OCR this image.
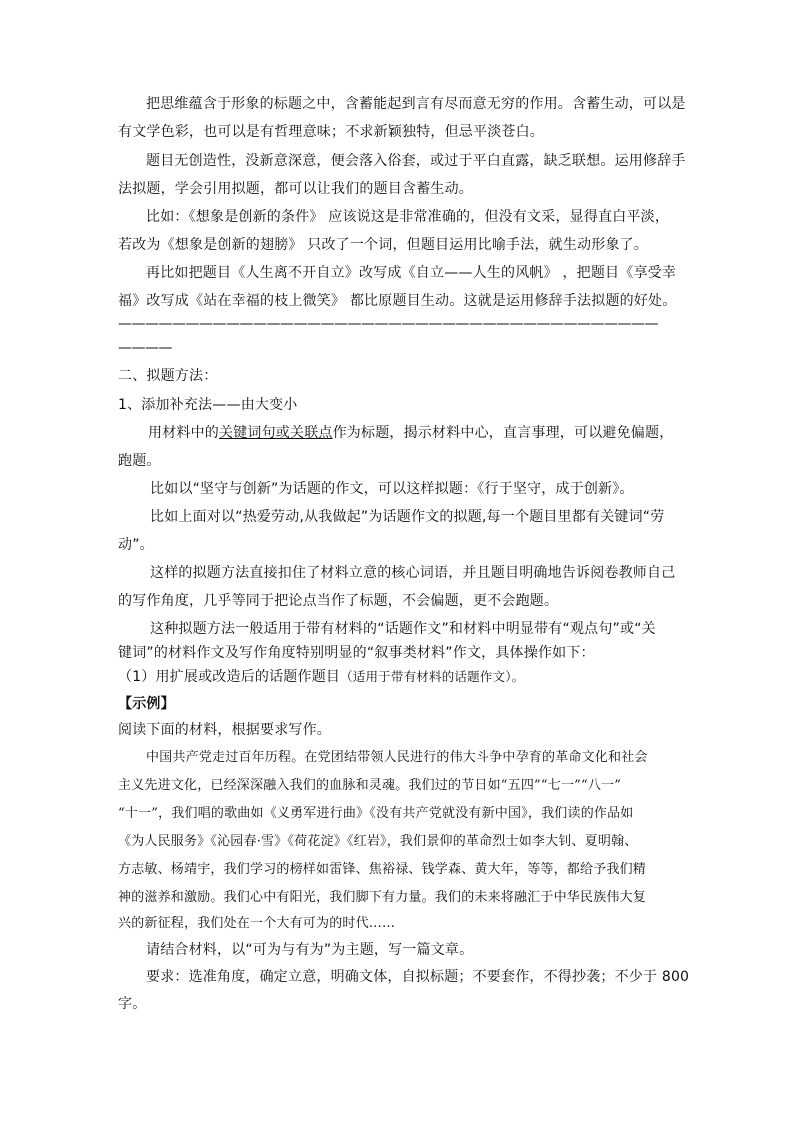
把思维蕴含于形象的标题之中，含蓄能起到言有尽而意无穷的作用。含蓄生动，可以是
有文学色彩，也可以是有哲理意味；不求新颖独特，但忌平淡苍白。
题目无创造性，没新意深意，便会落入俗套，或过于平白直露，缺乏联想。运用修辞手
法拟题，学会引用拟题，都可以让我们的题目含蓄生动。
比如：《想象是创新的条件》 应该说这是非常准确的，但没有文采，显得直白平淡，
若改为《想象是创新的翅膀》 只改了一个词，但题目运用比喻手法，就生动形象了。
再比如把题目《人生离不开自立》改写成《自立——人生的风帆》 ，把题目《享受幸
福》改写成《站在幸福的枝上微笑》 都比原题目生动。这就是运用修辞手法拟题的好处。
————————————————————————————————————————
————
二、拟题方法：
1、添加补充法——由大变小
用材料中的关键词句或关联点作为标题，揭示材料中心，直言事理，可以避免偏题，
跑题。
比如以“坚守与创新”为话题的作文，可以这样拟题：《行于坚守，成于创新》。
比如上面对以“热爱劳动,从我做起”为话题作文的拟题,每一个题目里都有关键词“劳
动”。
这样的拟题方法直接扣住了材料立意的核心词语，并且题目明确地告诉阅卷教师自己
的写作角度，几乎等同于把论点当作了标题，不会偏题，更不会跑题。
这种拟题方法一般适用于带有材料的“话题作文”和材料中明显带有“观点句”或“关
键词”的材料作文及写作角度特别明显的“叙事类材料”作文，具体操作如下：
（1）用扩展或改造后的话题作题目（适用于带有材料的话题作文）。
【示例】
阅读下面的材料，根据要求写作。
中国共产党走过百年历程。在党团结带领人民进行的伟大斗争中孕育的革命文化和社会
主义先进文化，已经深深融入我们的血脉和灵魂。我们过的节日如“五四”“七一”“八一”
“十一”，我们唱的歌曲如《义勇军进行曲》《没有共产党就没有新中国》，我们读的作品如
《为人民服务》《沁园春·雪》《荷花淀》《红岩》，我们景仰的革命烈士如李大钊、夏明翰、
方志敏、杨靖宇，我们学习的榜样如雷锋、焦裕禄、钱学森、黄大年，等等，都给予我们精
神的滋养和激励。我们心中有阳光，我们脚下有力量。我们的未来将融汇于中华民族伟大复
兴的新征程，我们处在一个大有可为的时代……
请结合材料，以“可为与有为”为主题，写一篇文章。
要求：选准角度，确定立意，明确文体，自拟标题；不要套作，不得抄袭；不少于 800
字。
